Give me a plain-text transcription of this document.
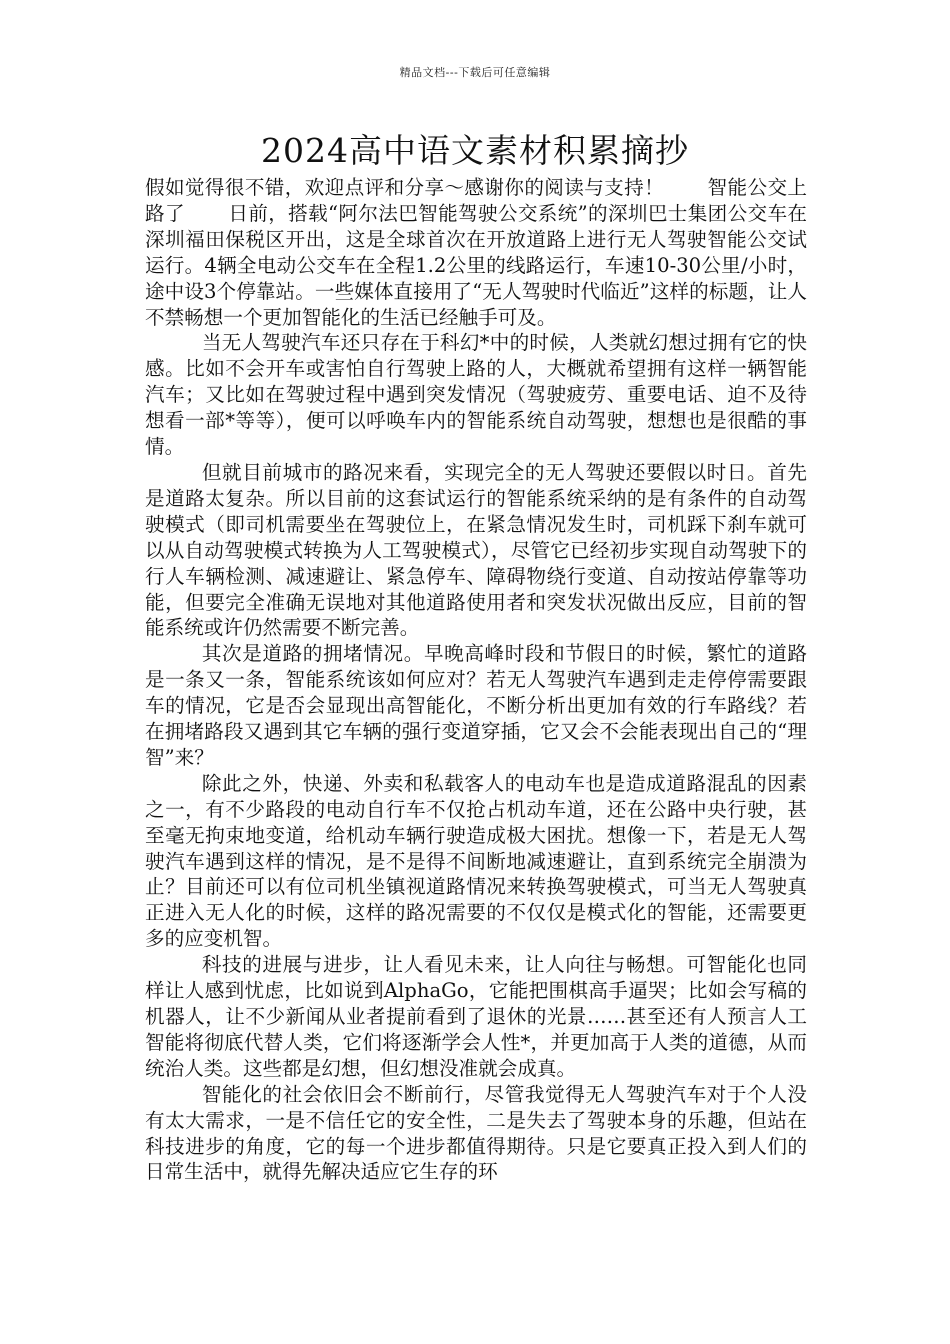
精品文档---下载后可任意编辑
2024高中语文素材积累摘抄

假如觉得很不错，欢迎点评和分享～感谢你的阅读与支持！ 智能公交上路了 日前，搭载“阿尔法巴智能驾驶公交系统”的深圳巴士集团公交车在深圳福田保税区开出，这是全球首次在开放道路上进行无人驾驶智能公交试运行。4辆全电动公交车在全程1.2公里的线路运行，车速10-30公里/小时，途中设3个停靠站。一些媒体直接用了“无人驾驶时代临近”这样的标题，让人不禁畅想一个更加智能化的生活已经触手可及。

当无人驾驶汽车还只存在于科幻*中的时候，人类就幻想过拥有它的快感。比如不会开车或害怕自行驾驶上路的人，大概就希望拥有这样一辆智能汽车；又比如在驾驶过程中遇到突发情况（驾驶疲劳、重要电话、迫不及待想看一部*等等），便可以呼唤车内的智能系统自动驾驶，想想也是很酷的事情。

但就目前城市的路况来看，实现完全的无人驾驶还要假以时日。首先是道路太复杂。所以目前的这套试运行的智能系统采纳的是有条件的自动驾驶模式（即司机需要坐在驾驶位上，在紧急情况发生时，司机踩下刹车就可以从自动驾驶模式转换为人工驾驶模式），尽管它已经初步实现自动驾驶下的行人车辆检测、减速避让、紧急停车、障碍物绕行变道、自动按站停靠等功能，但要完全准确无误地对其他道路使用者和突发状况做出反应，目前的智能系统或许仍然需要不断完善。

其次是道路的拥堵情况。早晚高峰时段和节假日的时候，繁忙的道路是一条又一条，智能系统该如何应对？若无人驾驶汽车遇到走走停停需要跟车的情况，它是否会显现出高智能化，不断分析出更加有效的行车路线？若在拥堵路段又遇到其它车辆的强行变道穿插，它又会不会能表现出自己的“理智”来？

除此之外，快递、外卖和私载客人的电动车也是造成道路混乱的因素之一，有不少路段的电动自行车不仅抢占机动车道，还在公路中央行驶，甚至毫无拘束地变道，给机动车辆行驶造成极大困扰。想像一下，若是无人驾驶汽车遇到这样的情况，是不是得不间断地减速避让，直到系统完全崩溃为止？目前还可以有位司机坐镇视道路情况来转换驾驶模式，可当无人驾驶真正进入无人化的时候，这样的路况需要的不仅仅是模式化的智能，还需要更多的应变机智。

科技的进展与进步，让人看见未来，让人向往与畅想。可智能化也同样让人感到忧虑，比如说到AlphaGo，它能把围棋高手逼哭；比如会写稿的机器人，让不少新闻从业者提前看到了退休的光景……甚至还有人预言人工智能将彻底代替人类，它们将逐渐学会人性*，并更加高于人类的道德，从而统治人类。这些都是幻想，但幻想没准就会成真。

智能化的社会依旧会不断前行，尽管我觉得无人驾驶汽车对于个人没有太大需求，一是不信任它的安全性，二是失去了驾驶本身的乐趣，但站在科技进步的角度，它的每一个进步都值得期待。只是它要真正投入到人们的日常生活中，就得先解决适应它生存的环
